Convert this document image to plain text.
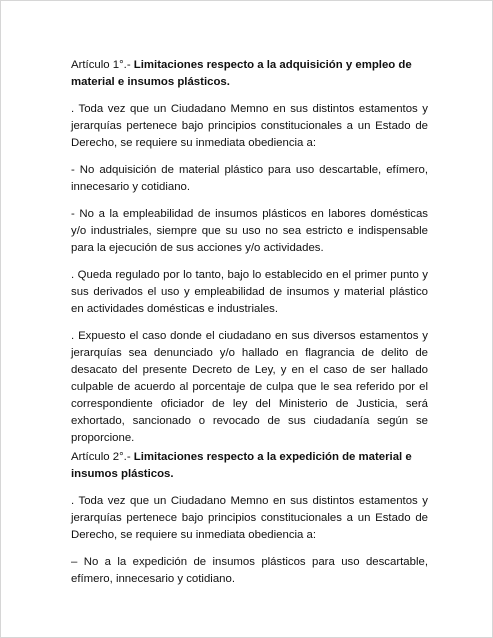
Artículo 1°.- Limitaciones respecto a la adquisición y empleo de material e insumos plásticos.

. Toda vez que un Ciudadano Memno en sus distintos estamentos y jerarquías pertenece bajo principios constitucionales a un Estado de Derecho, se requiere su inmediata obediencia a:

- No adquisición de material plástico para uso descartable, efímero, innecesario y cotidiano.

- No a la empleabilidad de insumos plásticos en labores domésticas y/o industriales, siempre que su uso no sea estricto e indispensable para la ejecución de sus acciones y/o actividades.

. Queda regulado por lo tanto, bajo lo establecido en el primer punto y sus derivados el uso y empleabilidad de insumos y material plástico en actividades domésticas e industriales.

. Expuesto el caso donde el ciudadano en sus diversos estamentos y jerarquías sea denunciado y/o hallado en flagrancia de delito de desacato del presente Decreto de Ley, y en el caso de ser hallado culpable de acuerdo al porcentaje de culpa que le sea referido por el correspondiente oficiador de ley del Ministerio de Justicia, será exhortado, sancionado o revocado de sus ciudadanía según se proporcione.

Artículo 2°.- Limitaciones respecto a la expedición de material e insumos plásticos.

. Toda vez que un Ciudadano Memno en sus distintos estamentos y jerarquías pertenece bajo principios constitucionales a un Estado de Derecho, se requiere su inmediata obediencia a:

– No a la expedición de insumos plásticos para uso descartable, efímero, innecesario y cotidiano.
